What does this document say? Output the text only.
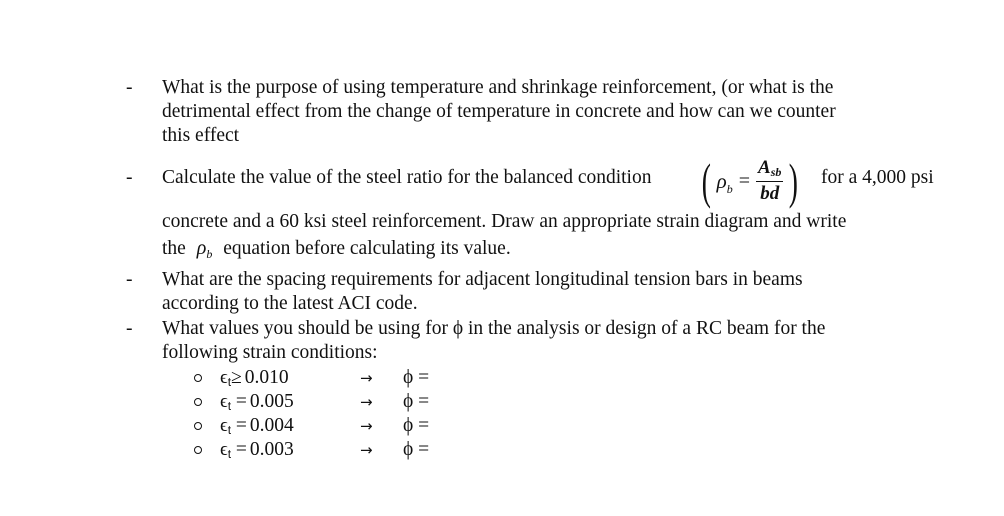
- What is the purpose of using temperature and shrinkage reinforcement, (or what is the
detrimental effect from the change of temperature in concrete and how can we counter
this effect
- Calculate the value of the steel ratio for the balanced condition ( $\rho_b = \frac{\text{Asb}}{bd}$ ) for a 4,000 psi
concrete and a 60 ksi steel reinforcement. Draw an appropriate strain diagram and write
the $\rho_b$ equation before calculating its value.
- What are the spacing requirements for adjacent longitudinal tension bars in beams
according to the latest ACI code.
- What values you should be using for ϕ in the analysis or design of a RC beam for the
following strain conditions:
ϵt≥ 0.010	→ ϕ =
ϵt = 0.005	→ ϕ =
ϵt = 0.004	→ ϕ =
ϵt = 0.003	→ ϕ =
